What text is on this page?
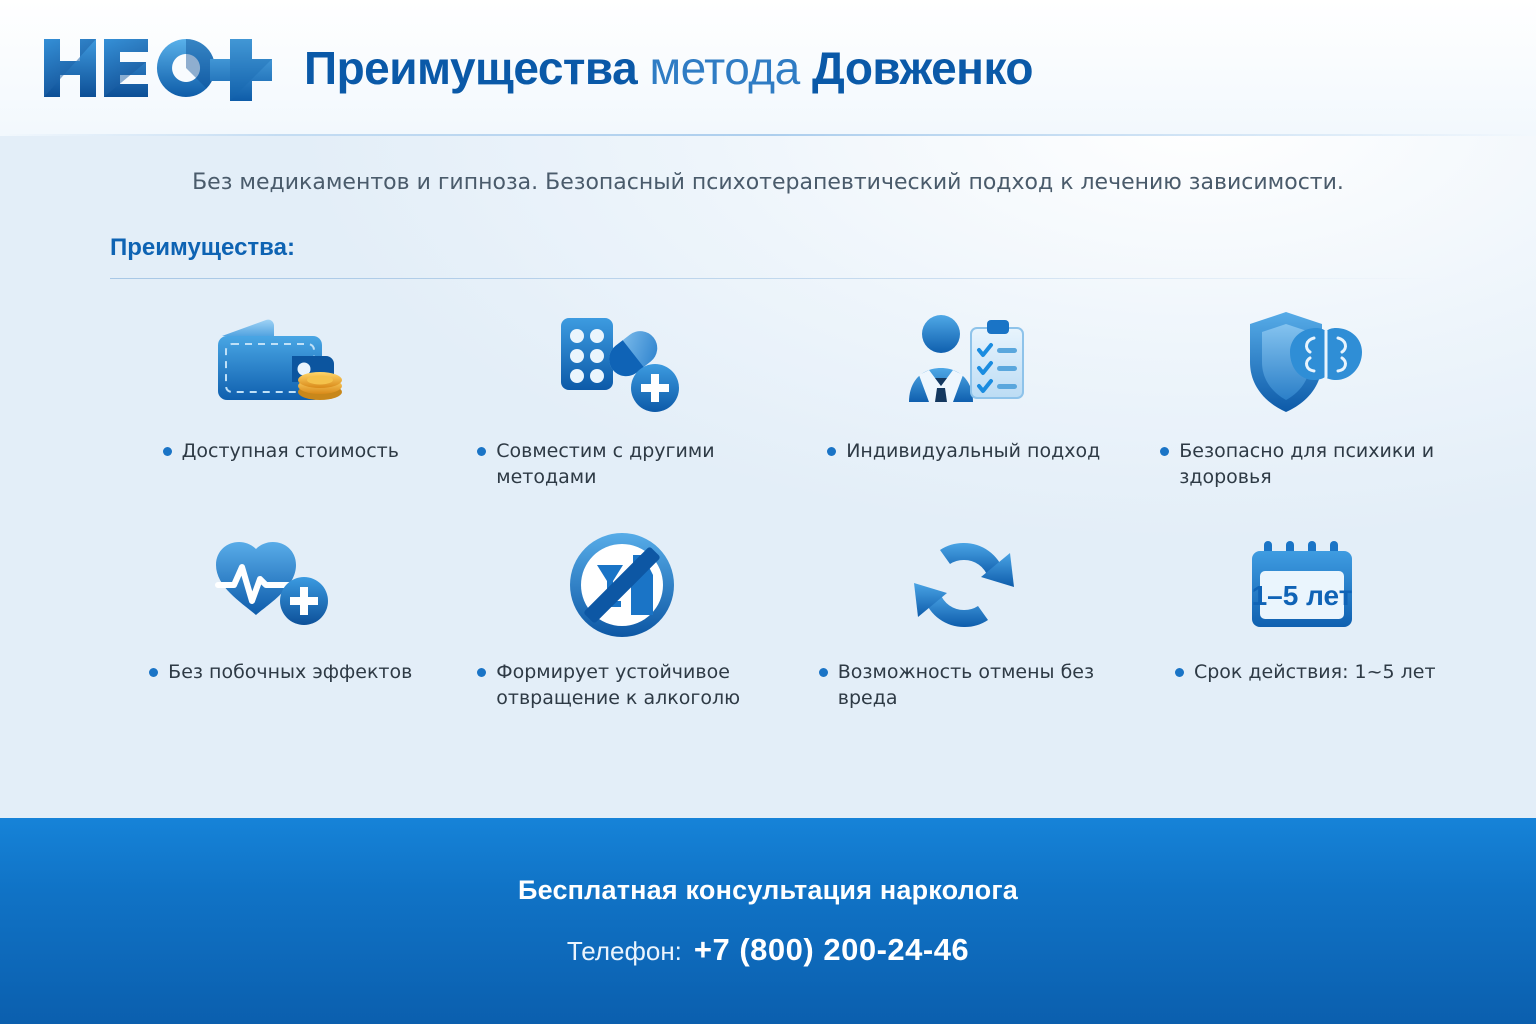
Преимущества метода Довженко
Без медикаментов и гипноза. Безопасный психотерапевтический подход к лечению зависимости.
Преимущества:
Доступная стоимость	Совместим с другими методами
Индивидуальный подход	Безопасно для психики и здоровья
Без побочных эффектов	Формирует устойчивое отвращение к алкоголю
Возможность отмены без вреда
1–5 лет
Срок действия: 1~5 лет
Бесплатная консультация нарколога
Телефон: +7 (800) 200-24-46
